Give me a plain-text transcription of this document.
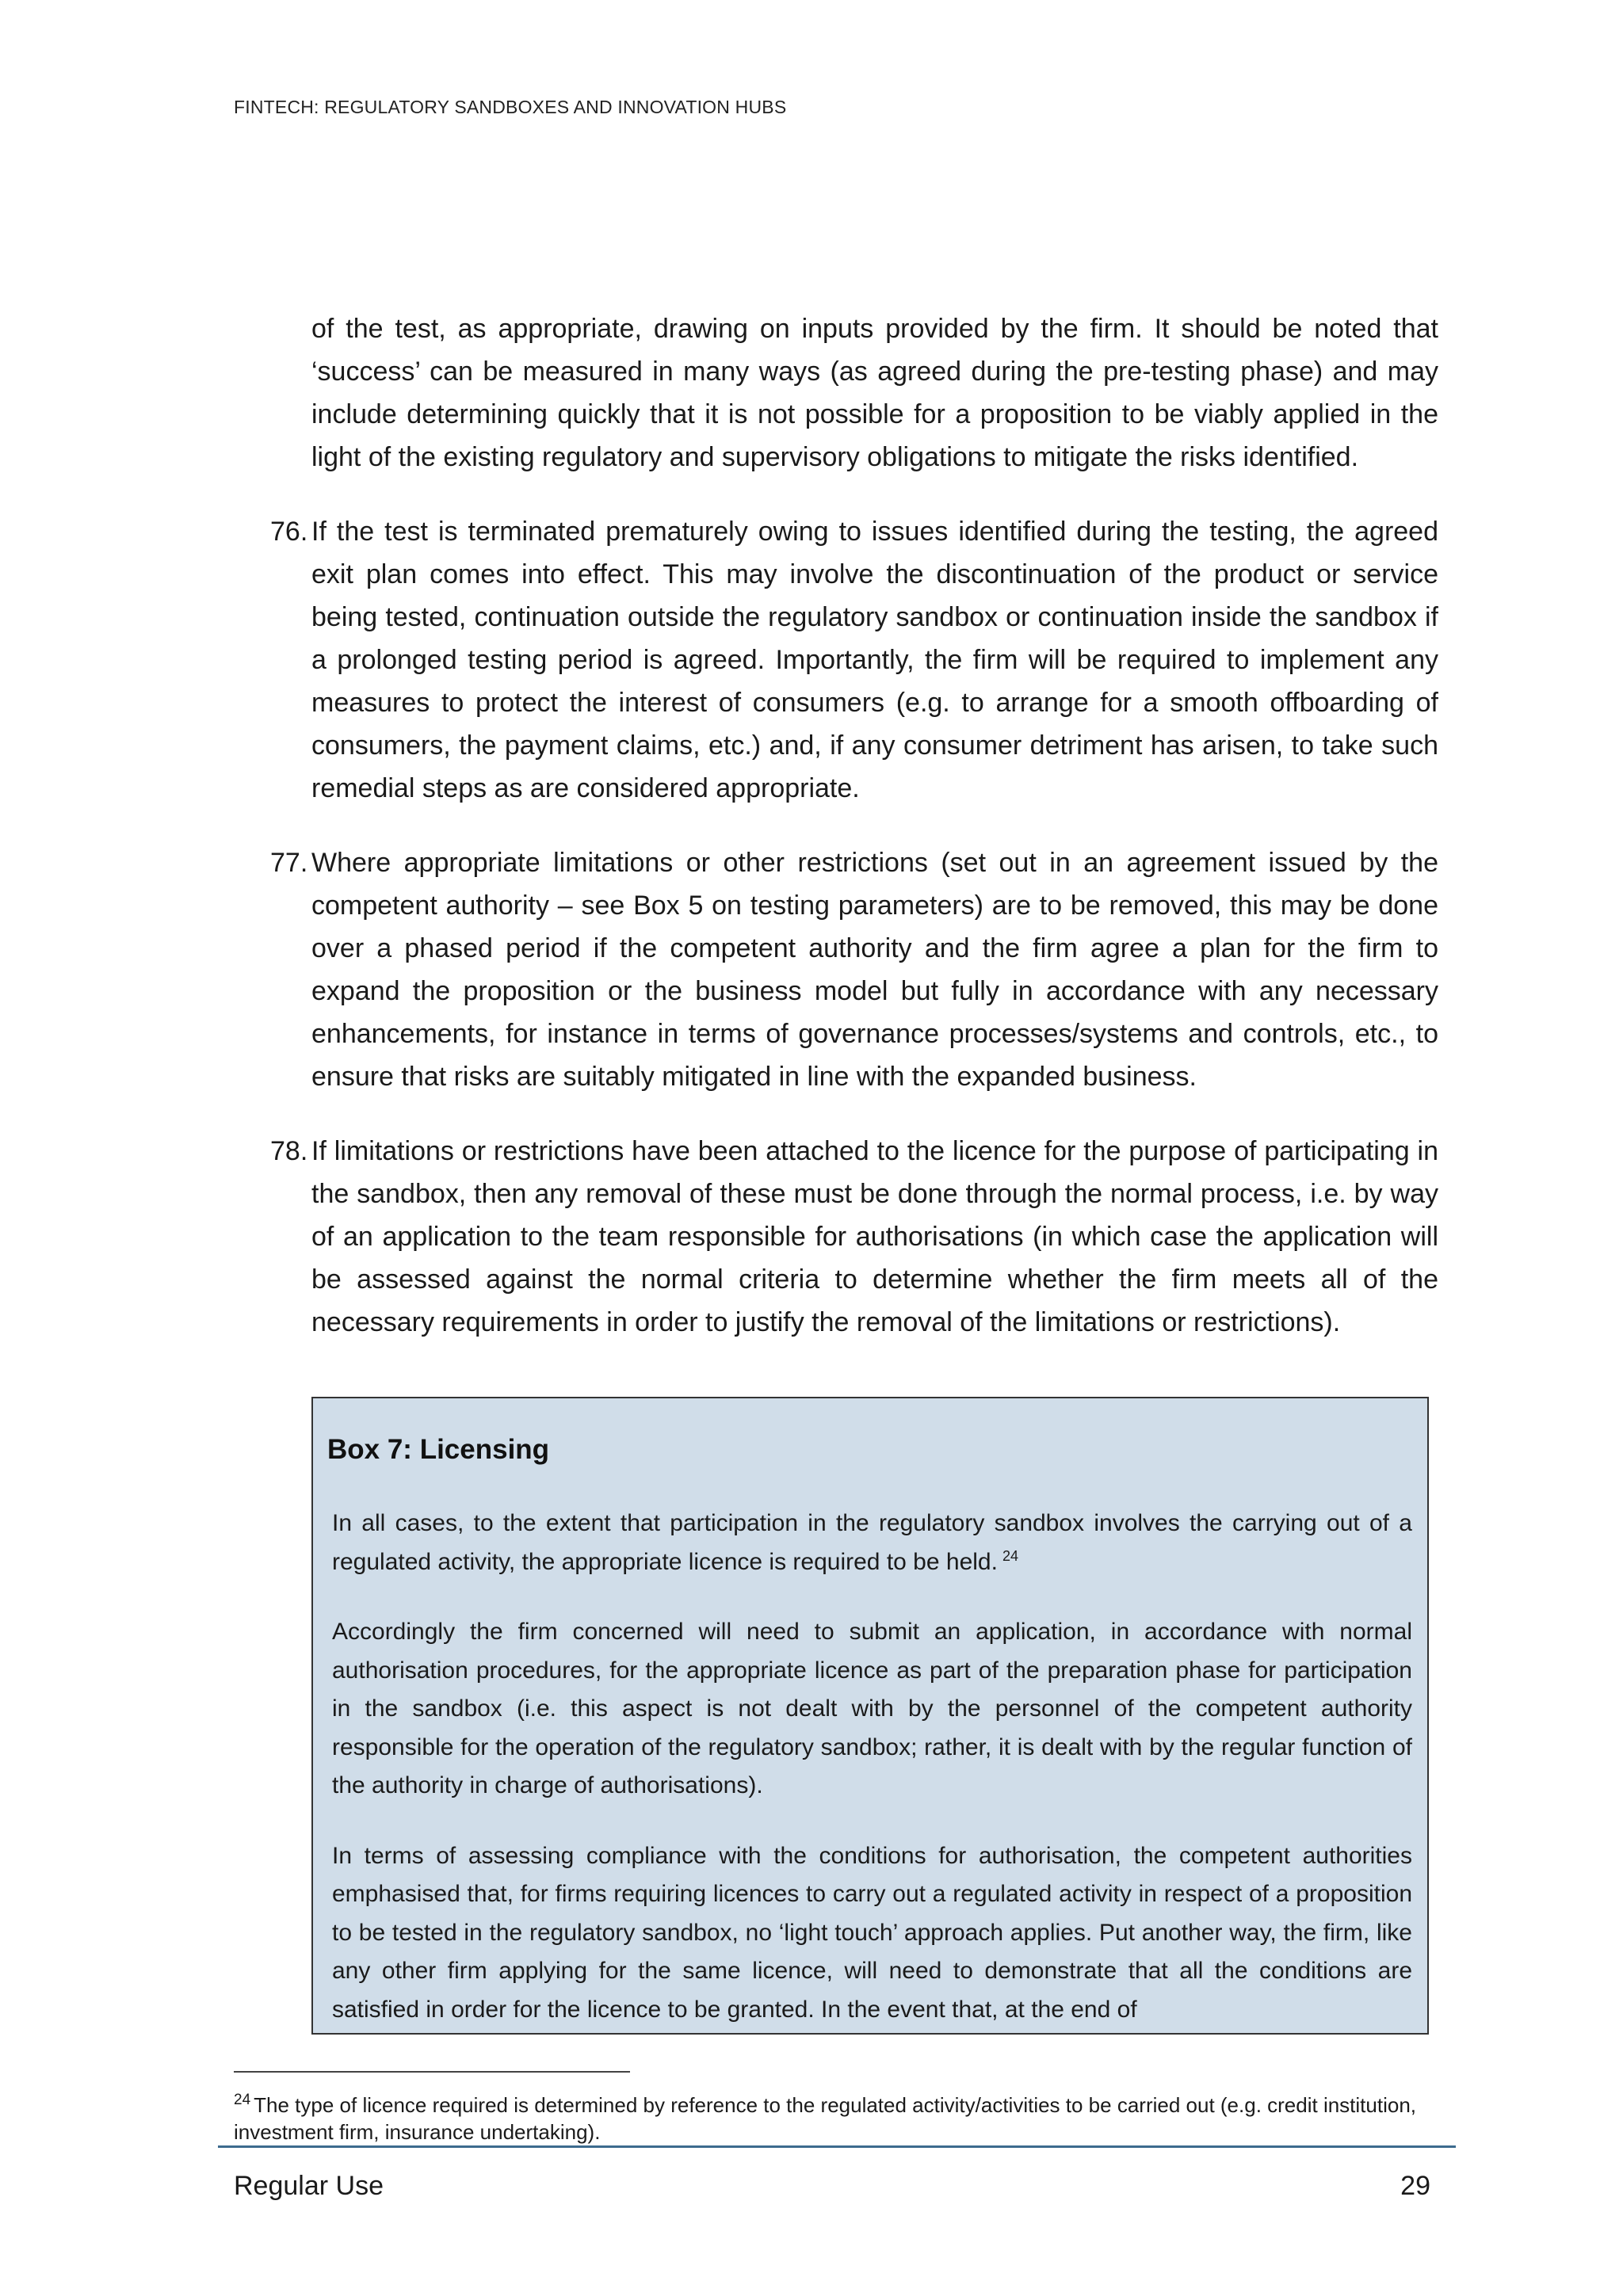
FINTECH: REGULATORY SANDBOXES AND INNOVATION HUBS

of the test, as appropriate, drawing on inputs provided by the firm. It should be noted that ‘success’ can be measured in many ways (as agreed during the pre-testing phase) and may include determining quickly that it is not possible for a proposition to be viably applied in the light of the existing regulatory and supervisory obligations to mitigate the risks identified.

76. If the test is terminated prematurely owing to issues identified during the testing, the agreed exit plan comes into effect. This may involve the discontinuation of the product or service being tested, continuation outside the regulatory sandbox or continuation inside the sandbox if a prolonged testing period is agreed. Importantly, the firm will be required to implement any measures to protect the interest of consumers (e.g. to arrange for a smooth offboarding of consumers, the payment claims, etc.) and, if any consumer detriment has arisen, to take such remedial steps as are considered appropriate.
77. Where appropriate limitations or other restrictions (set out in an agreement issued by the competent authority – see Box 5 on testing parameters) are to be removed, this may be done over a phased period if the competent authority and the firm agree a plan for the firm to expand the proposition or the business model but fully in accordance with any necessary enhancements, for instance in terms of governance processes/systems and controls, etc., to ensure that risks are suitably mitigated in line with the expanded business.
78. If limitations or restrictions have been attached to the licence for the purpose of participating in the sandbox, then any removal of these must be done through the normal process, i.e. by way of an application to the team responsible for authorisations (in which case the application will be assessed against the normal criteria to determine whether the firm meets all of the necessary requirements in order to justify the removal of the limitations or restrictions).
Box 7: Licensing

In all cases, to the extent that participation in the regulatory sandbox involves the carrying out of a regulated activity, the appropriate licence is required to be held. $^{24}$

Accordingly the firm concerned will need to submit an application, in accordance with normal authorisation procedures, for the appropriate licence as part of the preparation phase for participation in the sandbox (i.e. this aspect is not dealt with by the personnel of the competent authority responsible for the operation of the regulatory sandbox; rather, it is dealt with by the regular function of the authority in charge of authorisations).

In terms of assessing compliance with the conditions for authorisation, the competent authorities emphasised that, for firms requiring licences to carry out a regulated activity in respect of a proposition to be tested in the regulatory sandbox, no ‘light touch’ approach applies. Put another way, the firm, like any other firm applying for the same licence, will need to demonstrate that all the conditions are satisfied in order for the licence to be granted. In the event that, at the end of

$^{24}$ The type of licence required is determined by reference to the regulated activity/activities to be carried out (e.g. credit institution, investment firm, insurance undertaking).
Regular Use	29
